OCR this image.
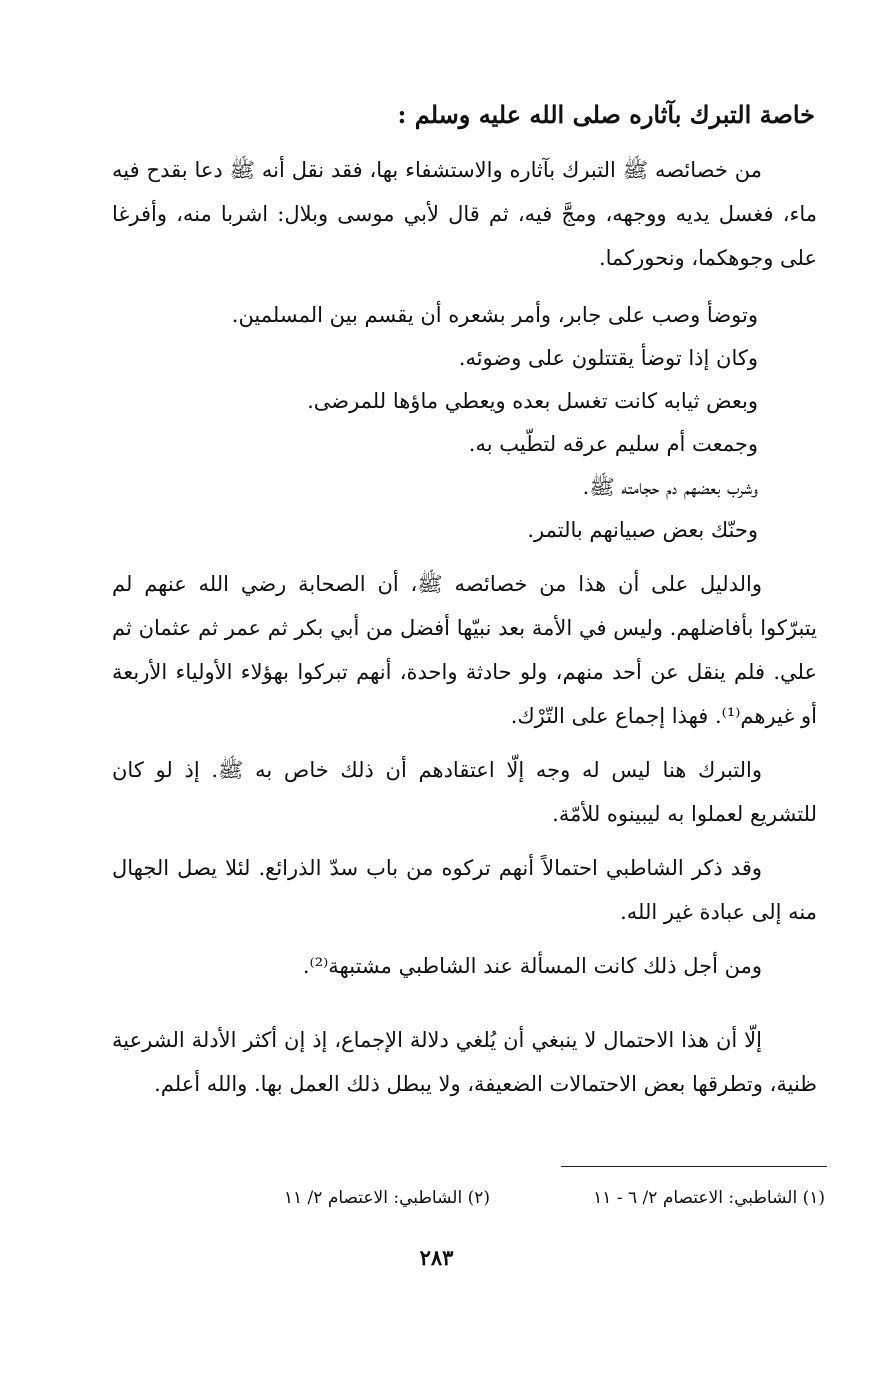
خاصة التبرك بآثاره صلى الله عليه وسلم :

من خصائصه ﷺ التبرك بآثاره والاستشفاء بها، فقد نقل أنه ﷺ دعا بقدح فيه ماء، فغسل يديه ووجهه، ومجَّ فيه، ثم قال لأبي موسى وبلال: اشربا منه، وأفرغا على وجوهكما، ونحوركما.

وتوضأ وصب على جابر، وأمر بشعره أن يقسم بين المسلمين.
وكان إذا توضأ يقتتلون على وضوئه.
وبعض ثيابه كانت تغسل بعده ويعطي ماؤها للمرضى.
وجمعت أم سليم عرقه لتطّيب به.
وشرب بعضهم دم حجامته ﷺ.
وحنّك بعض صبيانهم بالتمر.

والدليل على أن هذا من خصائصه ﷺ، أن الصحابة رضي الله عنهم لم يتبرّكوا بأفاضلهم. وليس في الأمة بعد نبيّها أفضل من أبي بكر ثم عمر ثم عثمان ثم علي. فلم ينقل عن أحد منهم، ولو حادثة واحدة، أنهم تبركوا بهؤلاء الأولياء الأربعة أو غيرهم⁽¹⁾. فهذا إجماع على التّرْك.

والتبرك هنا ليس له وجه إلّا اعتقادهم أن ذلك خاص به ﷺ. إذ لو كان للتشريع لعملوا به ليبينوه للأمّة.

وقد ذكر الشاطبي احتمالاً أنهم تركوه من باب سدّ الذرائع. لئلا يصل الجهال منه إلى عبادة غير الله.

ومن أجل ذلك كانت المسألة عند الشاطبي مشتبهة⁽²⁾.

إلّا أن هذا الاحتمال لا ينبغي أن يُلغي دلالة الإجماع، إذ إن أكثر الأدلة الشرعية ظنية، وتطرقها بعض الاحتمالات الضعيفة، ولا يبطل ذلك العمل بها. والله أعلم.

(١) الشاطبي: الاعتصام ٢/ ٦ - ١١
(٢) الشاطبي: الاعتصام ٢/ ١١
٢٨٣
